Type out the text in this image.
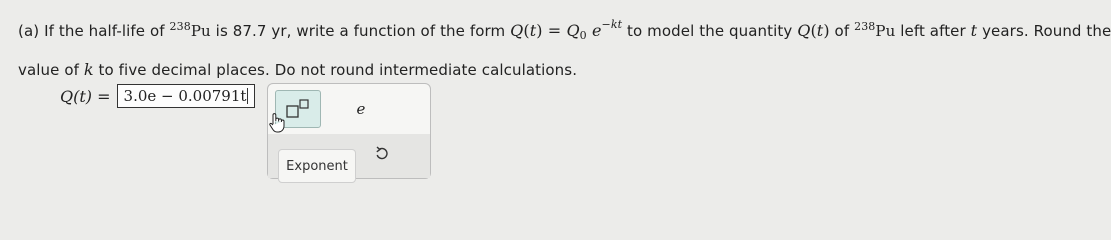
(a) If the half-life of $^{238}$Pu is 87.7 yr, write a function of the form $Q(t) = Q_0$ $e^{-kt}$ to model the quantity Q(t) of $^{238}$Pu left after t years. Round the
value of k to five decimal places. Do not round intermediate calculations.
Q(t) = 3.0e − 0.00791t
e
Exponent
